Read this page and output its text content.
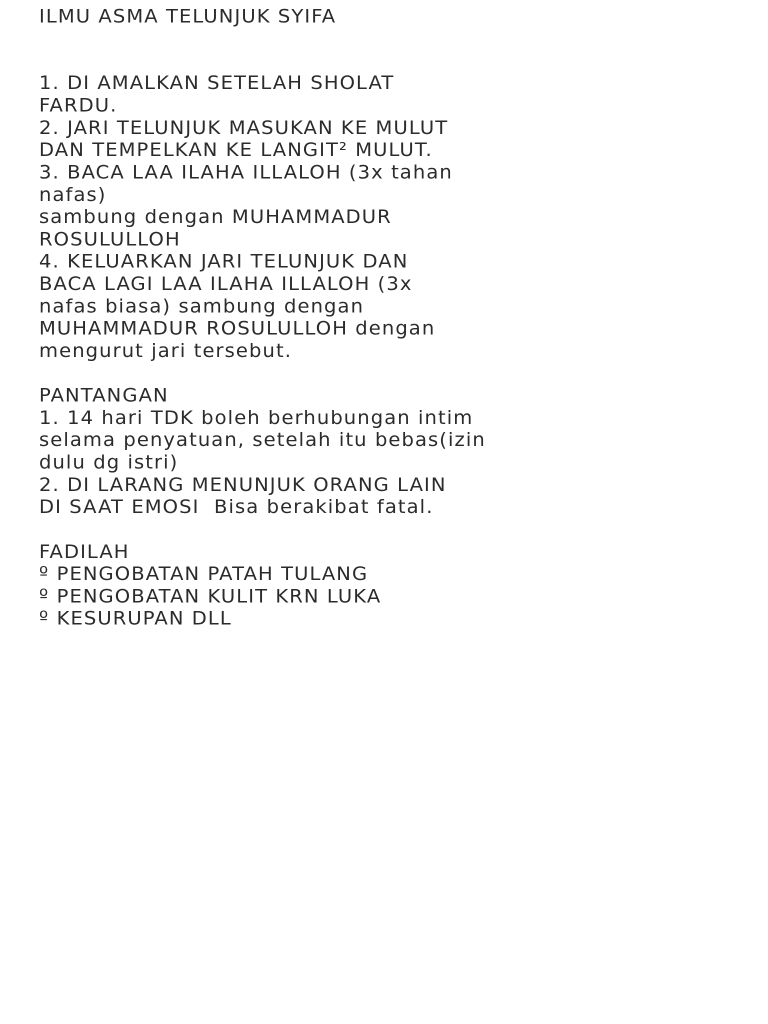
ILMU ASMA TELUNJUK SYIFA
1. DI AMALKAN SETELAH SHOLAT
FARDU.
2. JARI TELUNJUK MASUKAN KE MULUT
DAN TEMPELKAN KE LANGIT² MULUT.
3. BACA LAA ILAHA ILLALOH (3x tahan
nafas)
sambung dengan MUHAMMADUR
ROSULULLOH
4. KELUARKAN JARI TELUNJUK DAN
BACA LAGI LAA ILAHA ILLALOH (3x
nafas biasa) sambung dengan
MUHAMMADUR ROSULULLOH dengan
mengurut jari tersebut.
PANTANGAN
1. 14 hari TDK boleh berhubungan intim
selama penyatuan, setelah itu bebas(izin
dulu dg istri)
2. DI LARANG MENUNJUK ORANG LAIN
DI SAAT EMOSI  Bisa berakibat fatal.
FADILAH
º PENGOBATAN PATAH TULANG
º PENGOBATAN KULIT KRN LUKA
º KESURUPAN DLL
